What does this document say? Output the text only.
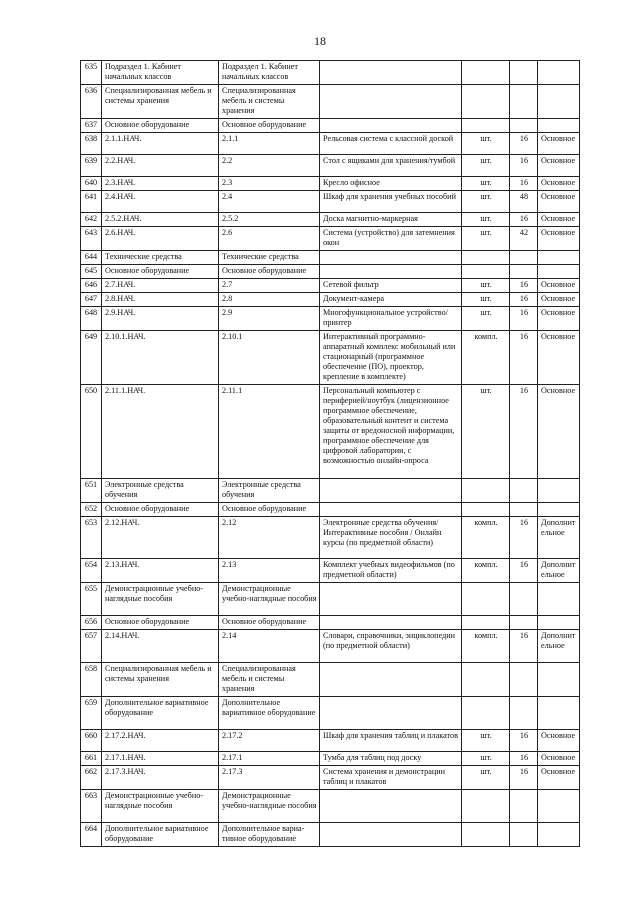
18
635	Подраздел 1. Кабинет начальных классов	Подраздел 1. Кабинет начальных классов				
636	Специализированная мебель и системы хранения	Специализированная мебель и системы хранения				
637	Основное оборудование	Основное оборудование				
638	2.1.1.НАЧ.	2.1.1	Рельсовая система с классной доской	шт.	16	Основное
639	2.2.НАЧ.	2.2	Стол с ящиками для хранения/тумбой	шт.	16	Основное
640	2.3.НАЧ.	2.3	Кресло офисное	шт.	16	Основное
641	2.4.НАЧ.	2.4	Шкаф для хранения учебных пособий	шт.	48	Основное
642	2.5.2.НАЧ.	2.5.2	Доска магнитно-маркерная	шт.	16	Основное
643	2.6.НАЧ.	2.6	Система (устройство) для затемнения окон	шт.	42	Основное
644	Технические средства	Технические средства				
645	Основное оборудование	Основное оборудование				
646	2.7.НАЧ.	2.7	Сетевой фильтр	шт.	16	Основное
647	2.8.НАЧ.	2.8	Документ-камера	шт.	16	Основное
648	2.9.НАЧ.	2.9	Многофункциональное устройство/принтер	шт.	16	Основное
649	2.10.1.НАЧ.	2.10.1	Интерактивный программно-аппаратный комплекс мобильный или стационарный (программное обеспечение (ПО), проектор, крепление в комплекте)	компл.	16	Основное
650	2.11.1.НАЧ.	2.11.1	Персональный компьютер с периферией/ноутбук (лицензионное программное обеспечение, образовательный контент и система защиты от вредоносной информации, программное обеспечение для цифровой лаборатории, с возможностью онлайн-опроса	шт.	16	Основное
651	Электронные средства обучения	Электронные средства обучения				
652	Основное оборудование	Основное оборудование				
653	2.12.НАЧ.	2.12	Электронные средства обучения/Интерактивные пособия / Онлайн курсы (по предметной области)	компл.	16	Дополнительное
654	2.13.НАЧ.	2.13	Комплект учебных видеофильмов (по предметной области)	компл.	16	Дополнительное
655	Демонстрационные учебно-наглядные пособия	Демонстрационные учебно-наглядные пособия				
656	Основное оборудование	Основное оборудование				
657	2.14.НАЧ.	2.14	Словари, справочники, энциклопедии (по предметной области)	компл.	16	Дополнительное
658	Специализированная мебель и системы хранения	Специализированная мебель и системы хранения				
659	Дополнительное вариативное оборудование	Дополнительное вариативное оборудование				
660	2.17.2.НАЧ.	2.17.2	Шкаф для хранения таблиц и плакатов	шт.	16	Основное
661	2.17.1.НАЧ.	2.17.1	Тумба для таблиц под доску	шт.	16	Основное
662	2.17.3.НАЧ.	2.17.3	Система хранения и демонстрации таблиц и плакатов	шт.	16	Основное
663	Демонстрационные учебно-наглядные пособия	Демонстрационные учебно-наглядные пособия				
664	Дополнительное вариативное оборудование	Дополнительное вариа-тивное оборудование				
